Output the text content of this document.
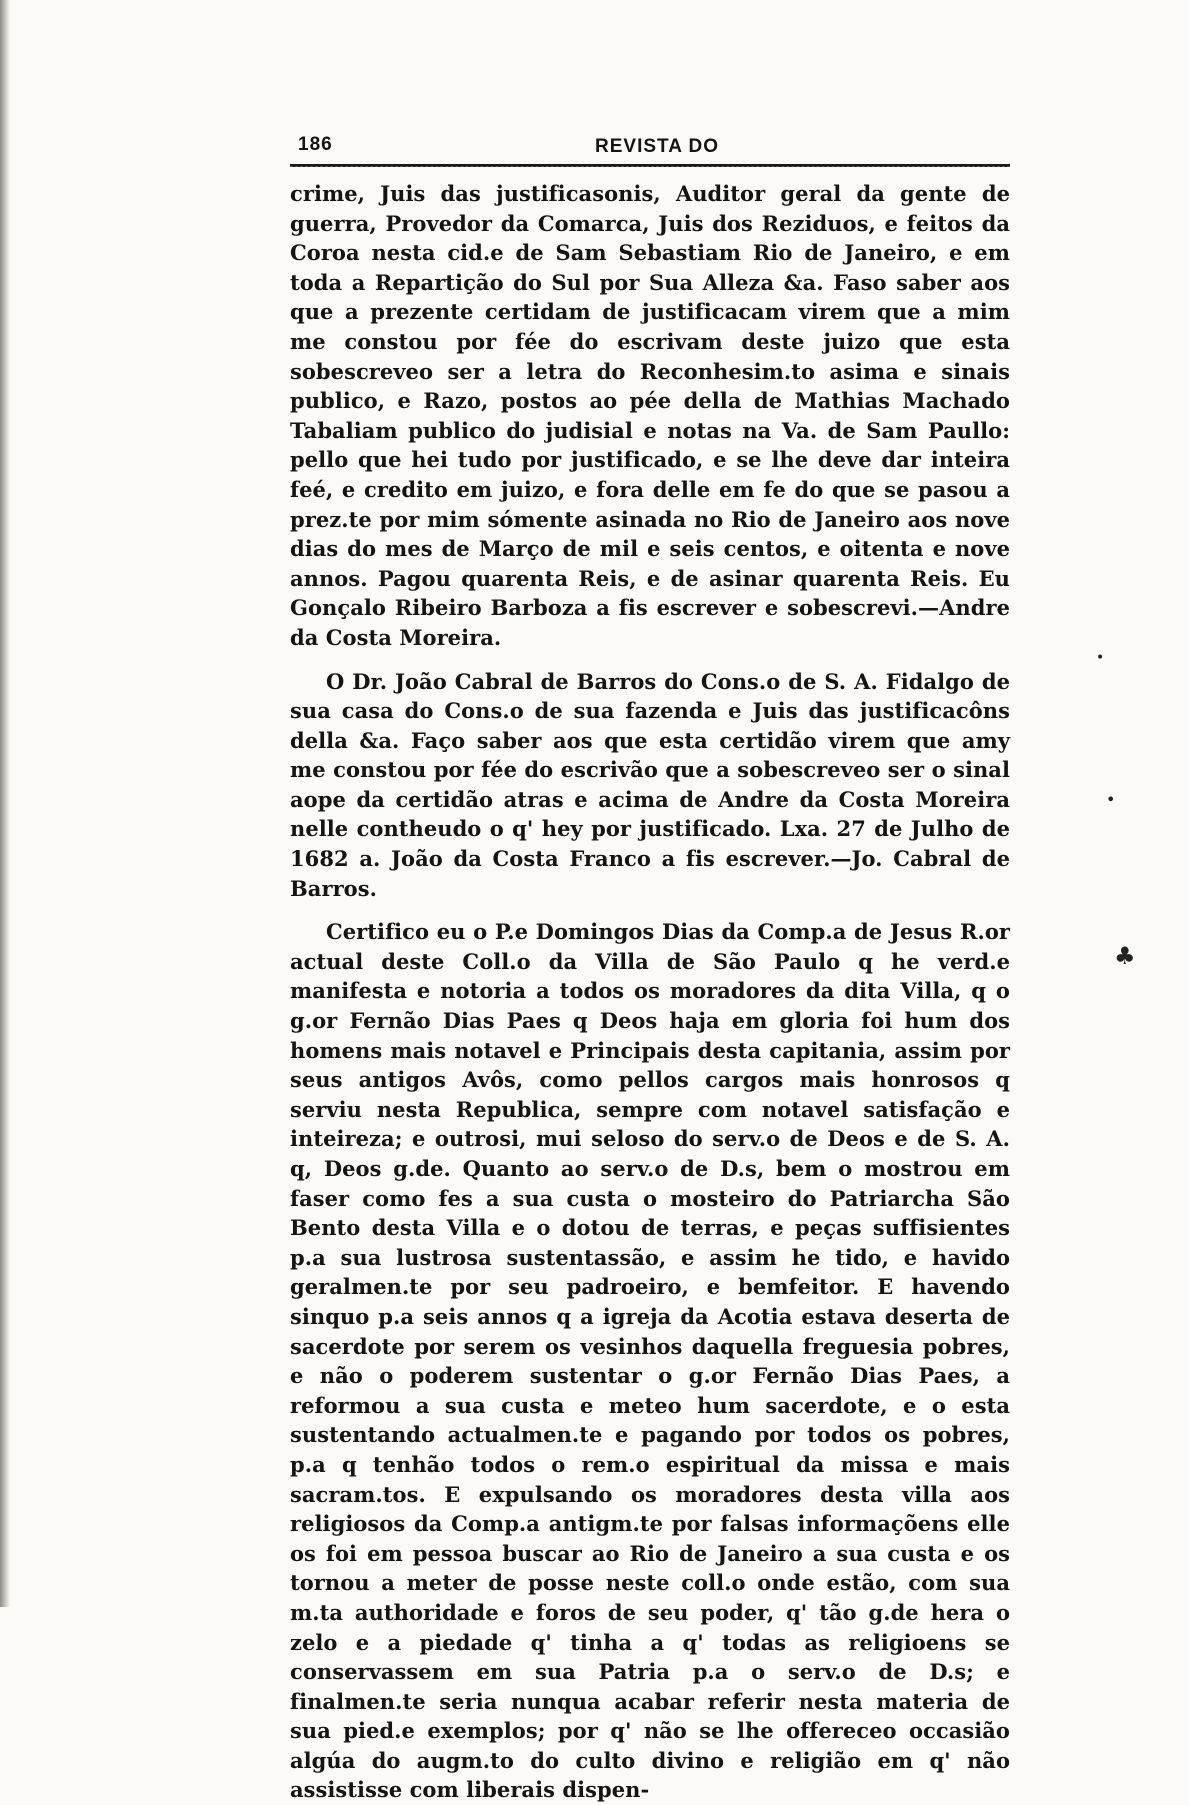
186	REVISTA DO

crime, Juis das justificasonis, Auditor geral da gente de guerra, Provedor da Comarca, Juis dos Reziduos, e feitos da Coroa nesta cid.e de Sam Sebastiam Rio de Janeiro, e em toda a Repartição do Sul por Sua Alleza &a. Faso saber aos que a prezente certidam de justificacam virem que a mim me constou por fée do escrivam deste juizo que esta sobescreveo ser a letra do Reconhesim.to asima e sinais publico, e Razo, postos ao pée della de Mathias Machado Tabaliam publico do judisial e notas na Va. de Sam Paullo: pello que hei tudo por justificado, e se lhe deve dar inteira feé, e credito em juizo, e fora delle em fe do que se pasou a prez.te por mim sómente asinada no Rio de Janeiro aos nove dias do mes de Março de mil e seis centos, e oitenta e nove annos. Pagou quarenta Reis, e de asinar quarenta Reis. Eu Gonçalo Ribeiro Barboza a fis escrever e sobescrevi.—Andre da Costa Moreira.

O Dr. João Cabral de Barros do Cons.o de S. A. Fidalgo de sua casa do Cons.o de sua fazenda e Juis das justificacôns della &a. Faço saber aos que esta certidão virem que amy me constou por fée do escrivão que a sobescreveo ser o sinal aope da certidão atras e acima de Andre da Costa Moreira nelle contheudo o q' hey por justificado. Lxa. 27 de Julho de 1682 a. João da Costa Franco a fis escrever.—Jo. Cabral de Barros.

Certifico eu o P.e Domingos Dias da Comp.a de Jesus R.or actual deste Coll.o da Villa de São Paulo q he verd.e manifesta e notoria a todos os moradores da dita Villa, q o g.or Fernão Dias Paes q Deos haja em gloria foi hum dos homens mais notavel e Principais desta capitania, assim por seus antigos Avôs, como pellos cargos mais honrosos q serviu nesta Republica, sempre com notavel satisfação e inteireza; e outrosi, mui seloso do serv.o de Deos e de S. A. q, Deos g.de. Quanto ao serv.o de D.s, bem o mostrou em faser como fes a sua custa o mosteiro do Patriarcha São Bento desta Villa e o dotou de terras, e peças suffisientes p.a sua lustrosa sustentassão, e assim he tido, e havido geralmen.te por seu padroeiro, e bemfeitor. E havendo sinquo p.a seis annos q a igreja da Acotia estava deserta de sacerdote por serem os vesinhos daquella freguesia pobres, e não o poderem sustentar o g.or Fernão Dias Paes, a reformou a sua custa e meteo hum sacerdote, e o esta sustentando actualmen.te e pagando por todos os pobres, p.a q tenhão todos o rem.o espiritual da missa e mais sacram.tos. E expulsando os moradores desta villa aos religiosos da Comp.a antigm.te por falsas informaçõens elle os foi em pessoa buscar ao Rio de Janeiro a sua custa e os tornou a meter de posse neste coll.o onde estão, com sua m.ta authoridade e foros de seu poder, q' tão g.de hera o zelo e a piedade q' tinha a q' todas as religioens se conservassem em sua Patria p.a o serv.o de D.s; e finalmen.te seria nunqua acabar referir nesta materia de sua pied.e exemplos; por q' não se lhe offereceo occasião algúa do augm.to do culto divino e religião em q' não assistisse com liberais dispen-

•
•
♣
